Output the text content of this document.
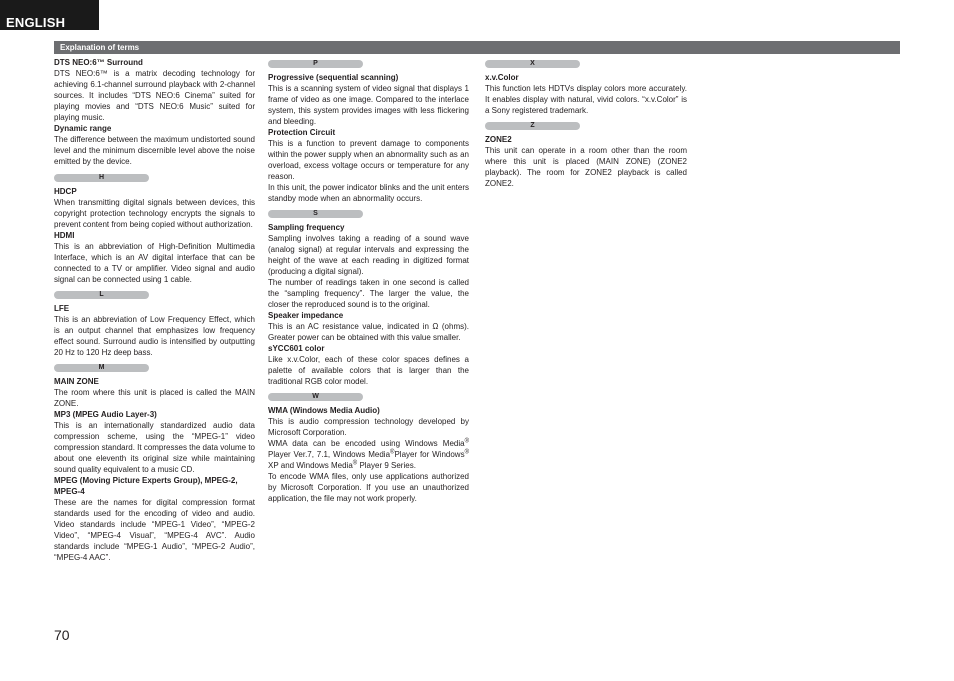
ENGLISH
Explanation of terms

DTS NEO:6™ Surround

DTS NEO:6™ is a matrix decoding technology for achieving 6.1-channel surround playback with 2-channel sources. It includes “DTS NEO:6 Cinema” suited for playing movies and “DTS NEO:6 Music” suited for playing music.

Dynamic range

The difference between the maximum undistorted sound level and the minimum discernible level above the noise emitted by the device.

H

HDCP

When transmitting digital signals between devices, this copyright protection technology encrypts the signals to prevent content from being copied without authorization.

HDMI

This is an abbreviation of High-Definition Multimedia Interface, which is an AV digital interface that can be connected to a TV or amplifier. Video signal and audio signal can be connected using 1 cable.

L

LFE

This is an abbreviation of Low Frequency Effect, which is an output channel that emphasizes low frequency effect sound. Surround audio is intensified by outputting 20 Hz to 120 Hz deep bass.

M

MAIN ZONE

The room where this unit is placed is called the MAIN ZONE.

MP3 (MPEG Audio Layer-3)

This is an internationally standardized audio data compression scheme, using the “MPEG-1” video compression standard. It compresses the data volume to about one eleventh its original size while maintaining sound quality equivalent to a music CD.

MPEG (Moving Picture Experts Group), MPEG-2, MPEG-4

These are the names for digital compression format standards used for the encoding of video and audio. Video standards include “MPEG-1 Video”, “MPEG-2 Video”, “MPEG-4 Visual”, “MPEG-4 AVC”. Audio standards include “MPEG-1 Audio”, “MPEG-2 Audio”, “MPEG-4 AAC”.

P

Progressive (sequential scanning)

This is a scanning system of video signal that displays 1 frame of video as one image. Compared to the interlace system, this system provides images with less flickering and bleeding.

Protection Circuit

This is a function to prevent damage to components within the power supply when an abnormality such as an overload, excess voltage occurs or temperature for any reason.

In this unit, the power indicator blinks and the unit enters standby mode when an abnormality occurs.

S

Sampling frequency

Sampling involves taking a reading of a sound wave (analog signal) at regular intervals and expressing the height of the wave at each reading in digitized format (producing a digital signal).

The number of readings taken in one second is called the “sampling frequency”. The larger the value, the closer the reproduced sound is to the original.

Speaker impedance

This is an AC resistance value, indicated in Ω (ohms). Greater power can be obtained with this value smaller.

sYCC601 color

Like x.v.Color, each of these color spaces defines a palette of available colors that is larger than the traditional RGB color model.

W

WMA (Windows Media Audio)

This is audio compression technology developed by Microsoft Corporation.

WMA data can be encoded using Windows Media® Player Ver.7, 7.1, Windows Media®Player for Windows® XP and Windows Media® Player 9 Series.

To encode WMA files, only use applications authorized by Microsoft Corporation. If you use an unauthorized application, the file may not work properly.

X

x.v.Color

This function lets HDTVs display colors more accurately. It enables display with natural, vivid colors. “x.v.Color” is a Sony registered trademark.

Z

ZONE2

This unit can operate in a room other than the room where this unit is placed (MAIN ZONE) (ZONE2 playback). The room for ZONE2 playback is called ZONE2.

70
